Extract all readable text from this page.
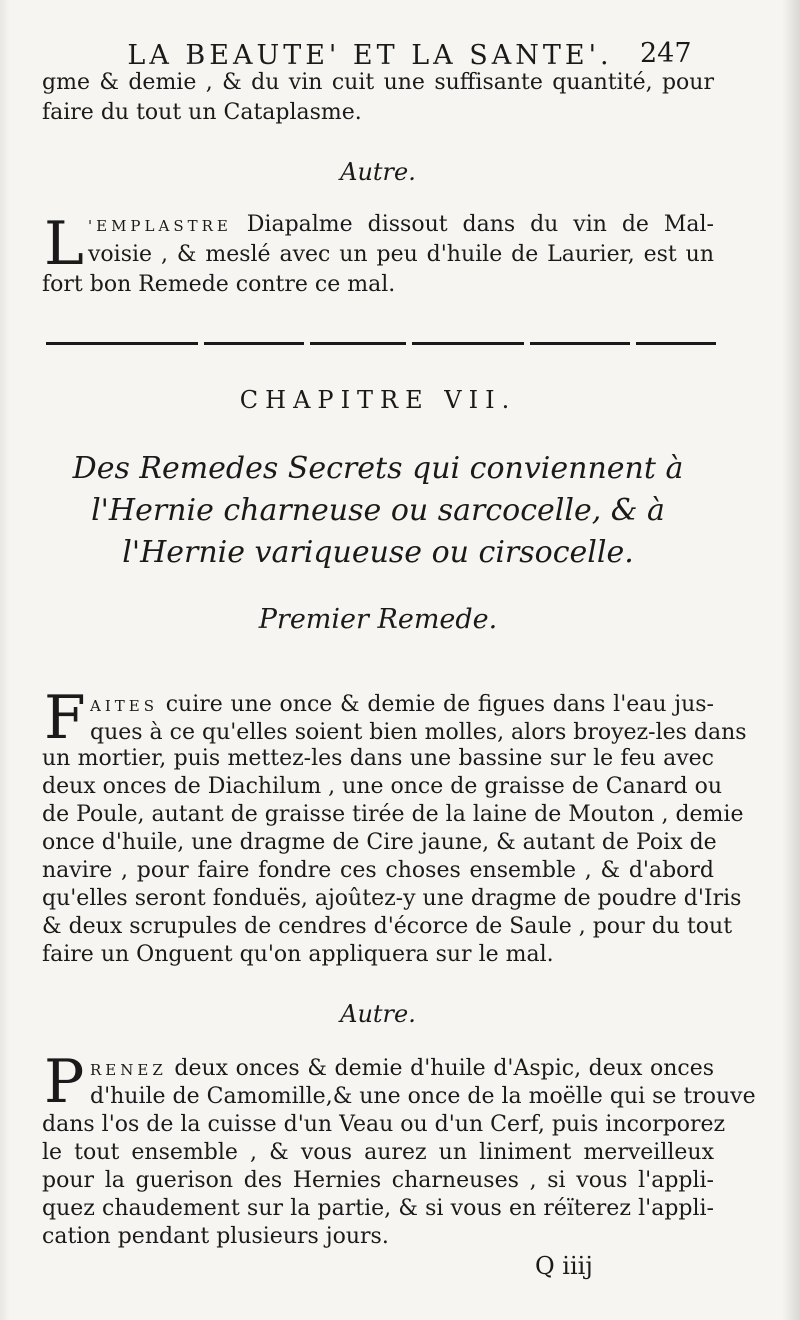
LA BEAUTE' ET LA SANTE'.	247
gme & demie , & du vin cuit une suffisante quantité, pour
faire du tout un Cataplasme.
Autre.
L 'EMPLASTRE Diapalme dissout dans du vin de Mal-
voisie , & meslé avec un peu d'huile de Laurier, est un
fort bon Remede contre ce mal.
CHAPITRE VII.
Des Remedes Secrets qui conviennent à
l'Hernie charneuse ou sarcocelle, & à
l'Hernie variqueuse ou cirsocelle.
Premier Remede.
F AITES cuire une once & demie de figues dans l'eau jus-
ques à ce qu'elles soient bien molles, alors broyez-les dans
un mortier, puis mettez-les dans une bassine sur le feu avec
deux onces de Diachilum , une once de graisse de Canard ou
de Poule, autant de graisse tirée de la laine de Mouton , demie
once d'huile, une dragme de Cire jaune, & autant de Poix de
navire , pour faire fondre ces choses ensemble , & d'abord
qu'elles seront fonduës, ajoûtez-y une dragme de poudre d'Iris
& deux scrupules de cendres d'écorce de Saule , pour du tout
faire un Onguent qu'on appliquera sur le mal.
Autre.
P RENEZ deux onces & demie d'huile d'Aspic, deux onces
d'huile de Camomille,& une once de la moëlle qui se trouve
dans l'os de la cuisse d'un Veau ou d'un Cerf, puis incorporez
le tout ensemble , & vous aurez un liniment merveilleux
pour la guerison des Hernies charneuses , si vous l'appli-
quez chaudement sur la partie, & si vous en réïterez l'appli-
cation pendant plusieurs jours.
Q iiij
